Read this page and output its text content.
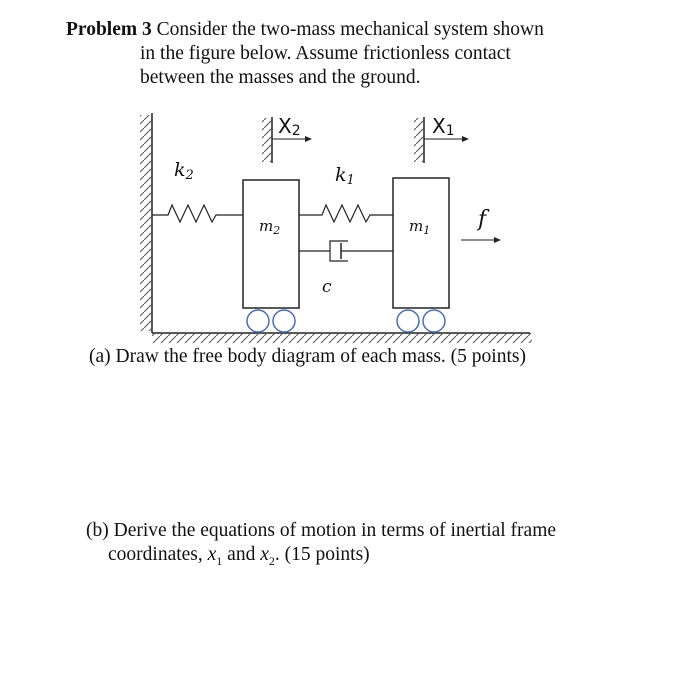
Problem 3 Consider the two-mass mechanical system shown
in the figure below. Assume frictionless contact
between the masses and the ground.
X2	X1
k2
$m_2$
k1
c
$m_1$ f
(a) Draw the free body diagram of each mass. (5 points)
(b) Derive the equations of motion in terms of inertial frame
coordinates, $x_1$ and $x_2$. (15 points)
